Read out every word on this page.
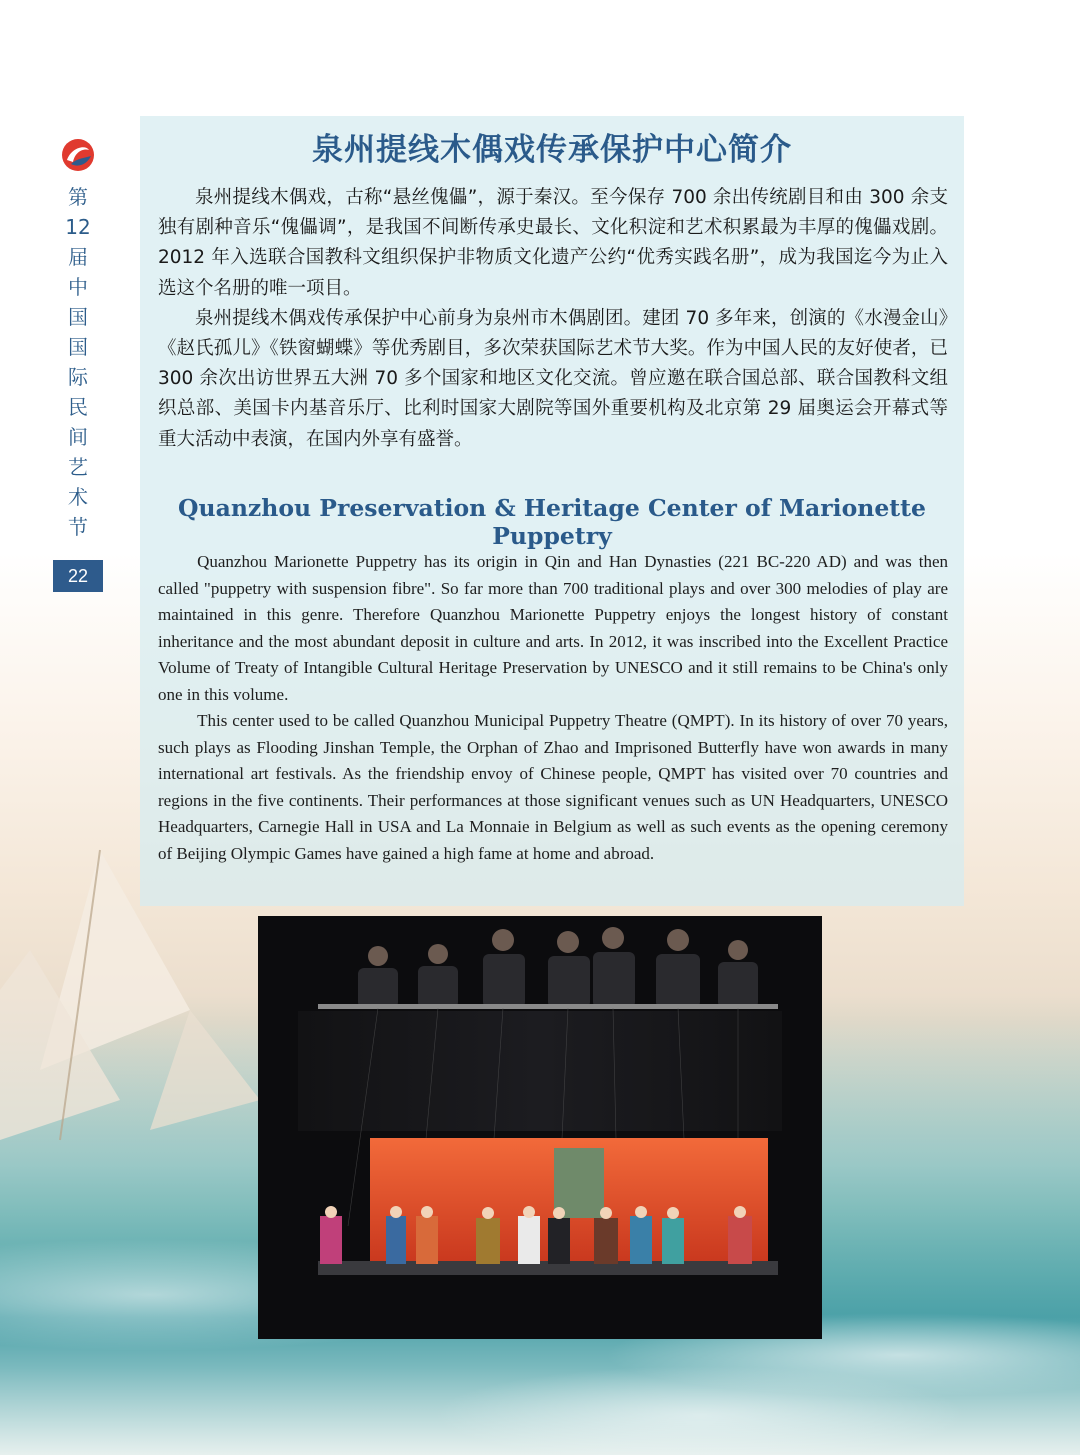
第
12
届
中
国
国
际
民
间
艺
术
节
22
泉州提线木偶戏传承保护中心简介

泉州提线木偶戏，古称“悬丝傀儡”，源于秦汉。至今保存 700 余出传统剧目和由 300 余支独有剧种音乐“傀儡调”，是我国不间断传承史最长、文化积淀和艺术积累最为丰厚的傀儡戏剧。2012 年入选联合国教科文组织保护非物质文化遗产公约“优秀实践名册”，成为我国迄今为止入选这个名册的唯一项目。

泉州提线木偶戏传承保护中心前身为泉州市木偶剧团。建团 70 多年来，创演的《水漫金山》《赵氏孤儿》《铁窗蝴蝶》等优秀剧目，多次荣获国际艺术节大奖。作为中国人民的友好使者，已 300 余次出访世界五大洲 70 多个国家和地区文化交流。曾应邀在联合国总部、联合国教科文组织总部、美国卡内基音乐厅、比利时国家大剧院等国外重要机构及北京第 29 届奥运会开幕式等重大活动中表演，在国内外享有盛誉。

Quanzhou Preservation & Heritage Center of Marionette Puppetry

Quanzhou Marionette Puppetry has its origin in Qin and Han Dynasties (221 BC-220 AD) and was then called "puppetry with suspension fibre". So far more than 700 traditional plays and over 300 melodies of play are maintained in this genre. Therefore Quanzhou Marionette Puppetry enjoys the longest history of constant inheritance and the most abundant deposit in culture and arts. In 2012, it was inscribed into the Excellent Practice Volume of Treaty of Intangible Cultural Heritage Preservation by UNESCO and it still remains to be China's only one in this volume.

This center used to be called Quanzhou Municipal Puppetry Theatre (QMPT). In its history of over 70 years, such plays as Flooding Jinshan Temple, the Orphan of Zhao and Imprisoned Butterfly have won awards in many international art festivals. As the friendship envoy of Chinese people, QMPT has visited over 70 countries and regions in the five continents. Their performances at those significant venues such as UN Headquarters, UNESCO Headquarters, Carnegie Hall in USA and La Monnaie in Belgium as well as such events as the opening ceremony of Beijing Olympic Games have gained a high fame at home and abroad.
